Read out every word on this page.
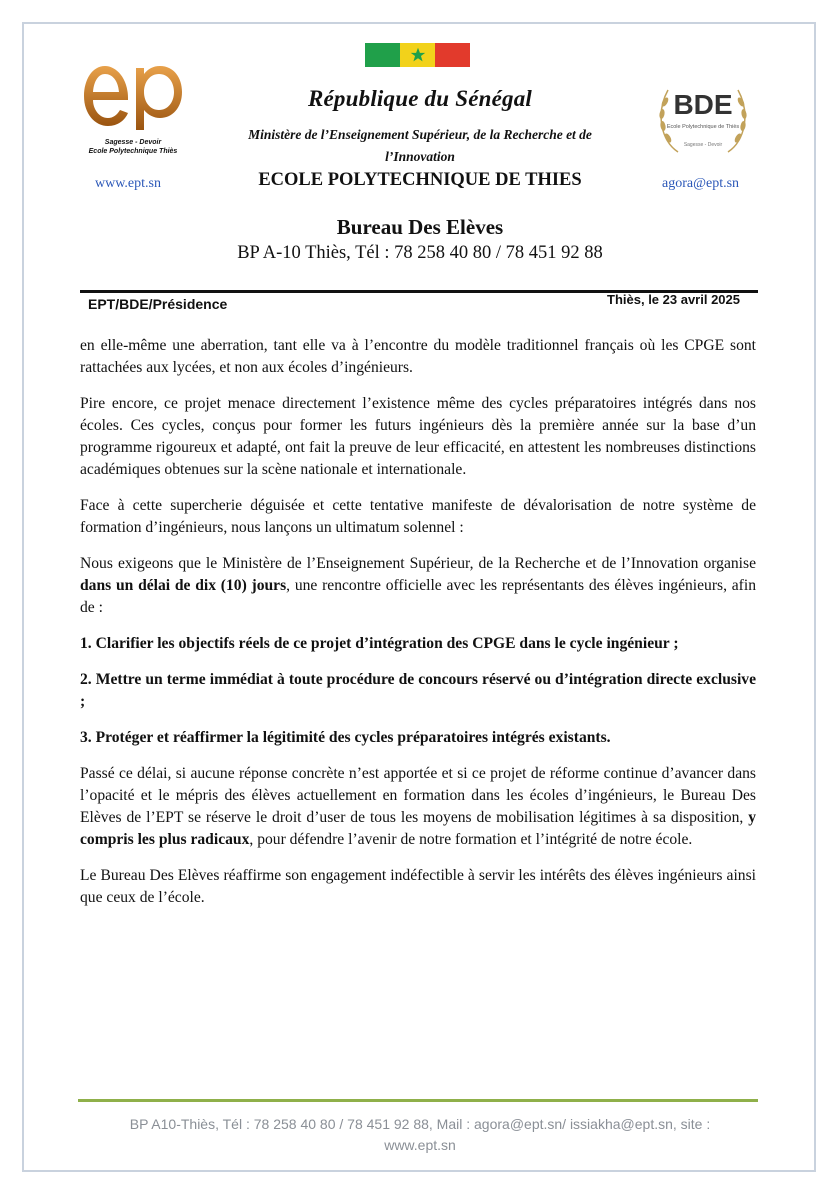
Sagesse - Devoir
Ecole Polytechnique Thiès
BDE
Ecole Polytechnique de Thiès
Sagesse - Devoir
République du Sénégal
Ministère de l’Enseignement Supérieur, de la Recherche et de l’Innovation
ECOLE POLYTECHNIQUE DE THIES
www.ept.sn	agora@ept.sn
Bureau Des Elèves
BP A-10 Thiès, Tél : 78 258 40 80 / 78 451 92 88
EPT/BDE/Présidence	Thiès, le 23 avril 2025

en elle-même une aberration, tant elle va à l’encontre du modèle traditionnel français où les CPGE sont rattachées aux lycées, et non aux écoles d’ingénieurs.

Pire encore, ce projet menace directement l’existence même des cycles préparatoires intégrés dans nos écoles. Ces cycles, conçus pour former les futurs ingénieurs dès la première année sur la base d’un programme rigoureux et adapté, ont fait la preuve de leur efficacité, en attestent les nombreuses distinctions académiques obtenues sur la scène nationale et internationale.

Face à cette supercherie déguisée et cette tentative manifeste de dévalorisation de notre système de formation d’ingénieurs, nous lançons un ultimatum solennel :

Nous exigeons que le Ministère de l’Enseignement Supérieur, de la Recherche et de l’Innovation organise dans un délai de dix (10) jours, une rencontre officielle avec les représentants des élèves ingénieurs, afin de :

1. Clarifier les objectifs réels de ce projet d’intégration des CPGE dans le cycle ingénieur ;

2. Mettre un terme immédiat à toute procédure de concours réservé ou d’intégration directe exclusive ;

3. Protéger et réaffirmer la légitimité des cycles préparatoires intégrés existants.

Passé ce délai, si aucune réponse concrète n’est apportée et si ce projet de réforme continue d’avancer dans l’opacité et le mépris des élèves actuellement en formation dans les écoles d’ingénieurs, le Bureau Des Elèves de l’EPT se réserve le droit d’user de tous les moyens de mobilisation légitimes à sa disposition, y compris les plus radicaux, pour défendre l’avenir de notre formation et l’intégrité de notre école.

Le Bureau Des Elèves réaffirme son engagement indéfectible à servir les intérêts des élèves ingénieurs ainsi que ceux de l’école.

BP A10-Thiès, Tél : 78 258 40 80 / 78 451 92 88, Mail : agora@ept.sn/ issiakha@ept.sn, site :
www.ept.sn
